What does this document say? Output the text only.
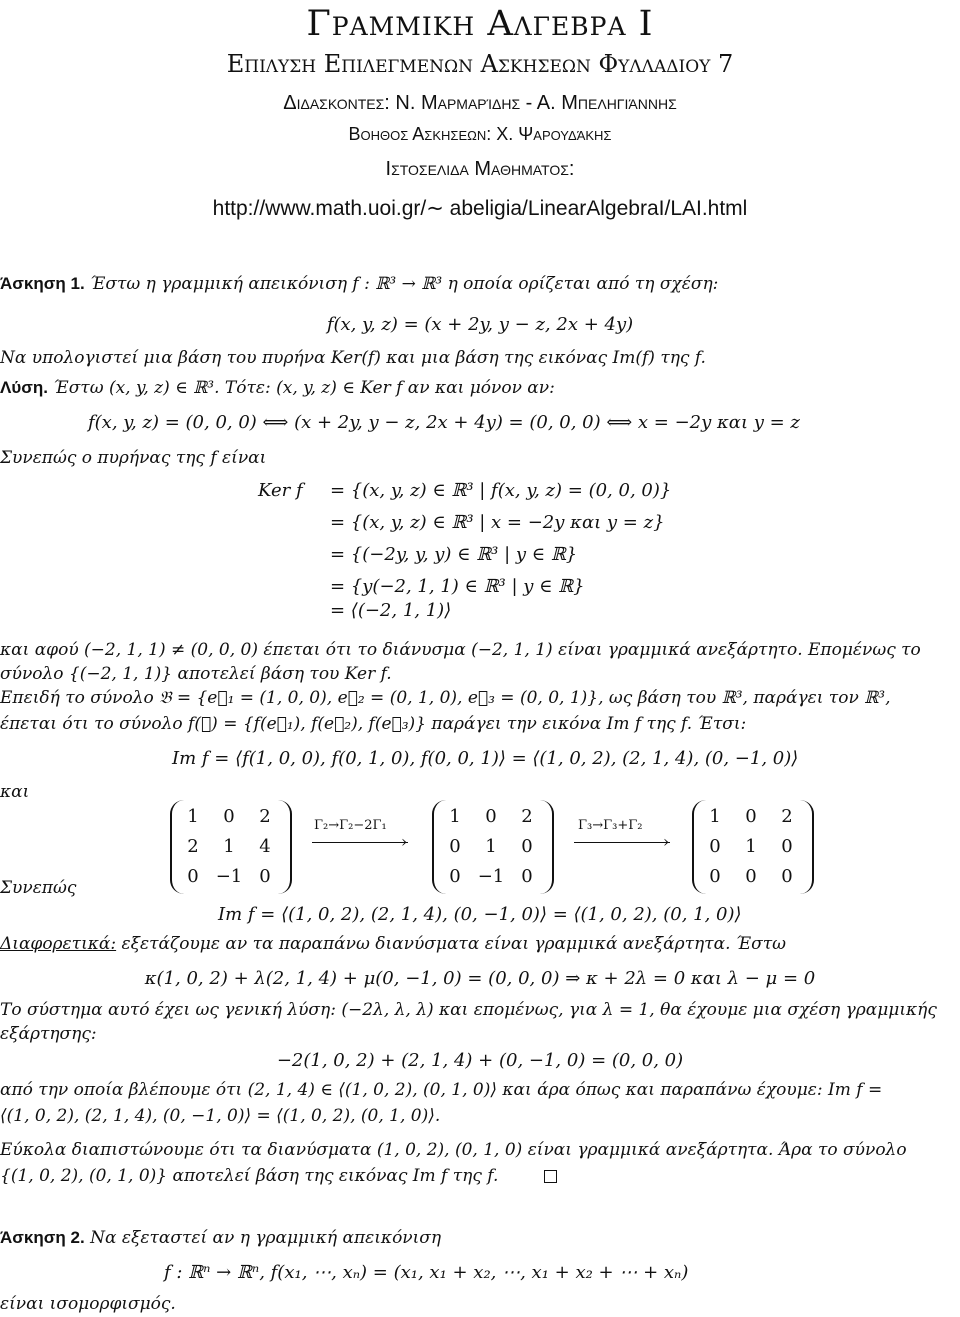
Γραμμικη Αλγεβρα Ι
Επιλυση Επιλεγμενων Ασκησεων Φυλλαδιου 7
Διδασκοντες: Ν. Μαρμαρίδης - Α. Μπεληγιάννης
Βοηθος Ασκησεων: Χ. Ψαρουδάκης
Ιστοσελιδα Μαθηματος:
http://www.math.uoi.gr/∼ abeligia/LinearAlgebraI/LAI.html
Άσκηση 1. Έστω η γραμμική απεικόνιση f : ℝ³ → ℝ³ η οποία ορίζεται από τη σχέση:
f(x, y, z) = (x + 2y, y − z, 2x + 4y)
Να υπολογιστεί μια βάση του πυρήνα Ker(f) και μια βάση της εικόνας Im(f) της f.
Λύση. Έστω (x, y, z) ∈ ℝ³. Τότε: (x, y, z) ∈ Ker f αν και μόνον αν:
f(x, y, z) = (0, 0, 0) ⟺ (x + 2y, y − z, 2x + 4y) = (0, 0, 0) ⟺ x = −2y και y = z
Συνεπώς ο πυρήνας της f είναι
Ker f = {(x, y, z) ∈ ℝ³ | f(x, y, z) = (0, 0, 0)}
= {(x, y, z) ∈ ℝ³ | x = −2y και y = z}
= {(−2y, y, y) ∈ ℝ³ | y ∈ ℝ}
= {y(−2, 1, 1) ∈ ℝ³ | y ∈ ℝ}
= ⟨(−2, 1, 1)⟩
και αφού (−2, 1, 1) ≠ (0, 0, 0) έπεται ότι το διάνυσμα (−2, 1, 1) είναι γραμμικά ανεξάρτητο. Επομένως το
σύνολο {(−2, 1, 1)} αποτελεί βάση του Ker f.
Επειδή το σύνολο 𝔅 = {e⃗₁ = (1, 0, 0), e⃗₂ = (0, 1, 0), e⃗₃ = (0, 0, 1)}, ως βάση του ℝ³, παράγει τον ℝ³,
έπεται ότι το σύνολο f(𝔅) = {f(e⃗₁), f(e⃗₂), f(e⃗₃)} παράγει την εικόνα Im f της f. Έτσι:
Im f = ⟨f(1, 0, 0), f(0, 1, 0), f(0, 0, 1)⟩ = ⟨(1, 0, 2), (2, 1, 4), (0, −1, 0)⟩
και
1 0 2
2 1 4
0 −1 0
Γ₂→Γ₂−2Γ₁
›
1 0 2
0 1 0
0 −1 0
Γ₃→Γ₃+Γ₂
›
1 0 2
0 1 0
0 0 0
Συνεπώς
Im f = ⟨(1, 0, 2), (2, 1, 4), (0, −1, 0)⟩ = ⟨(1, 0, 2), (0, 1, 0)⟩
Διαφορετικά: εξετάζουμε αν τα παραπάνω διανύσματα είναι γραμμικά ανεξάρτητα. Έστω
κ(1, 0, 2) + λ(2, 1, 4) + μ(0, −1, 0) = (0, 0, 0) ⇒ κ + 2λ = 0 και λ − μ = 0
Το σύστημα αυτό έχει ως γενική λύση: (−2λ, λ, λ) και επομένως, για λ = 1, θα έχουμε μια σχέση γραμμικής
εξάρτησης:
−2(1, 0, 2) + (2, 1, 4) + (0, −1, 0) = (0, 0, 0)
από την οποία βλέπουμε ότι (2, 1, 4) ∈ ⟨(1, 0, 2), (0, 1, 0)⟩ και άρα όπως και παραπάνω έχουμε: Im f =
⟨(1, 0, 2), (2, 1, 4), (0, −1, 0)⟩ = ⟨(1, 0, 2), (0, 1, 0)⟩.
Εύκολα διαπιστώνουμε ότι τα διανύσματα (1, 0, 2), (0, 1, 0) είναι γραμμικά ανεξάρτητα. Άρα το σύνολο
{(1, 0, 2), (0, 1, 0)} αποτελεί βάση της εικόνας Im f της f.
Άσκηση 2. Να εξεταστεί αν η γραμμική απεικόνιση
f : ℝⁿ → ℝⁿ, f(x₁, ⋯, xₙ) = (x₁, x₁ + x₂, ⋯, x₁ + x₂ + ⋯ + xₙ)
είναι ισομορφισμός.
